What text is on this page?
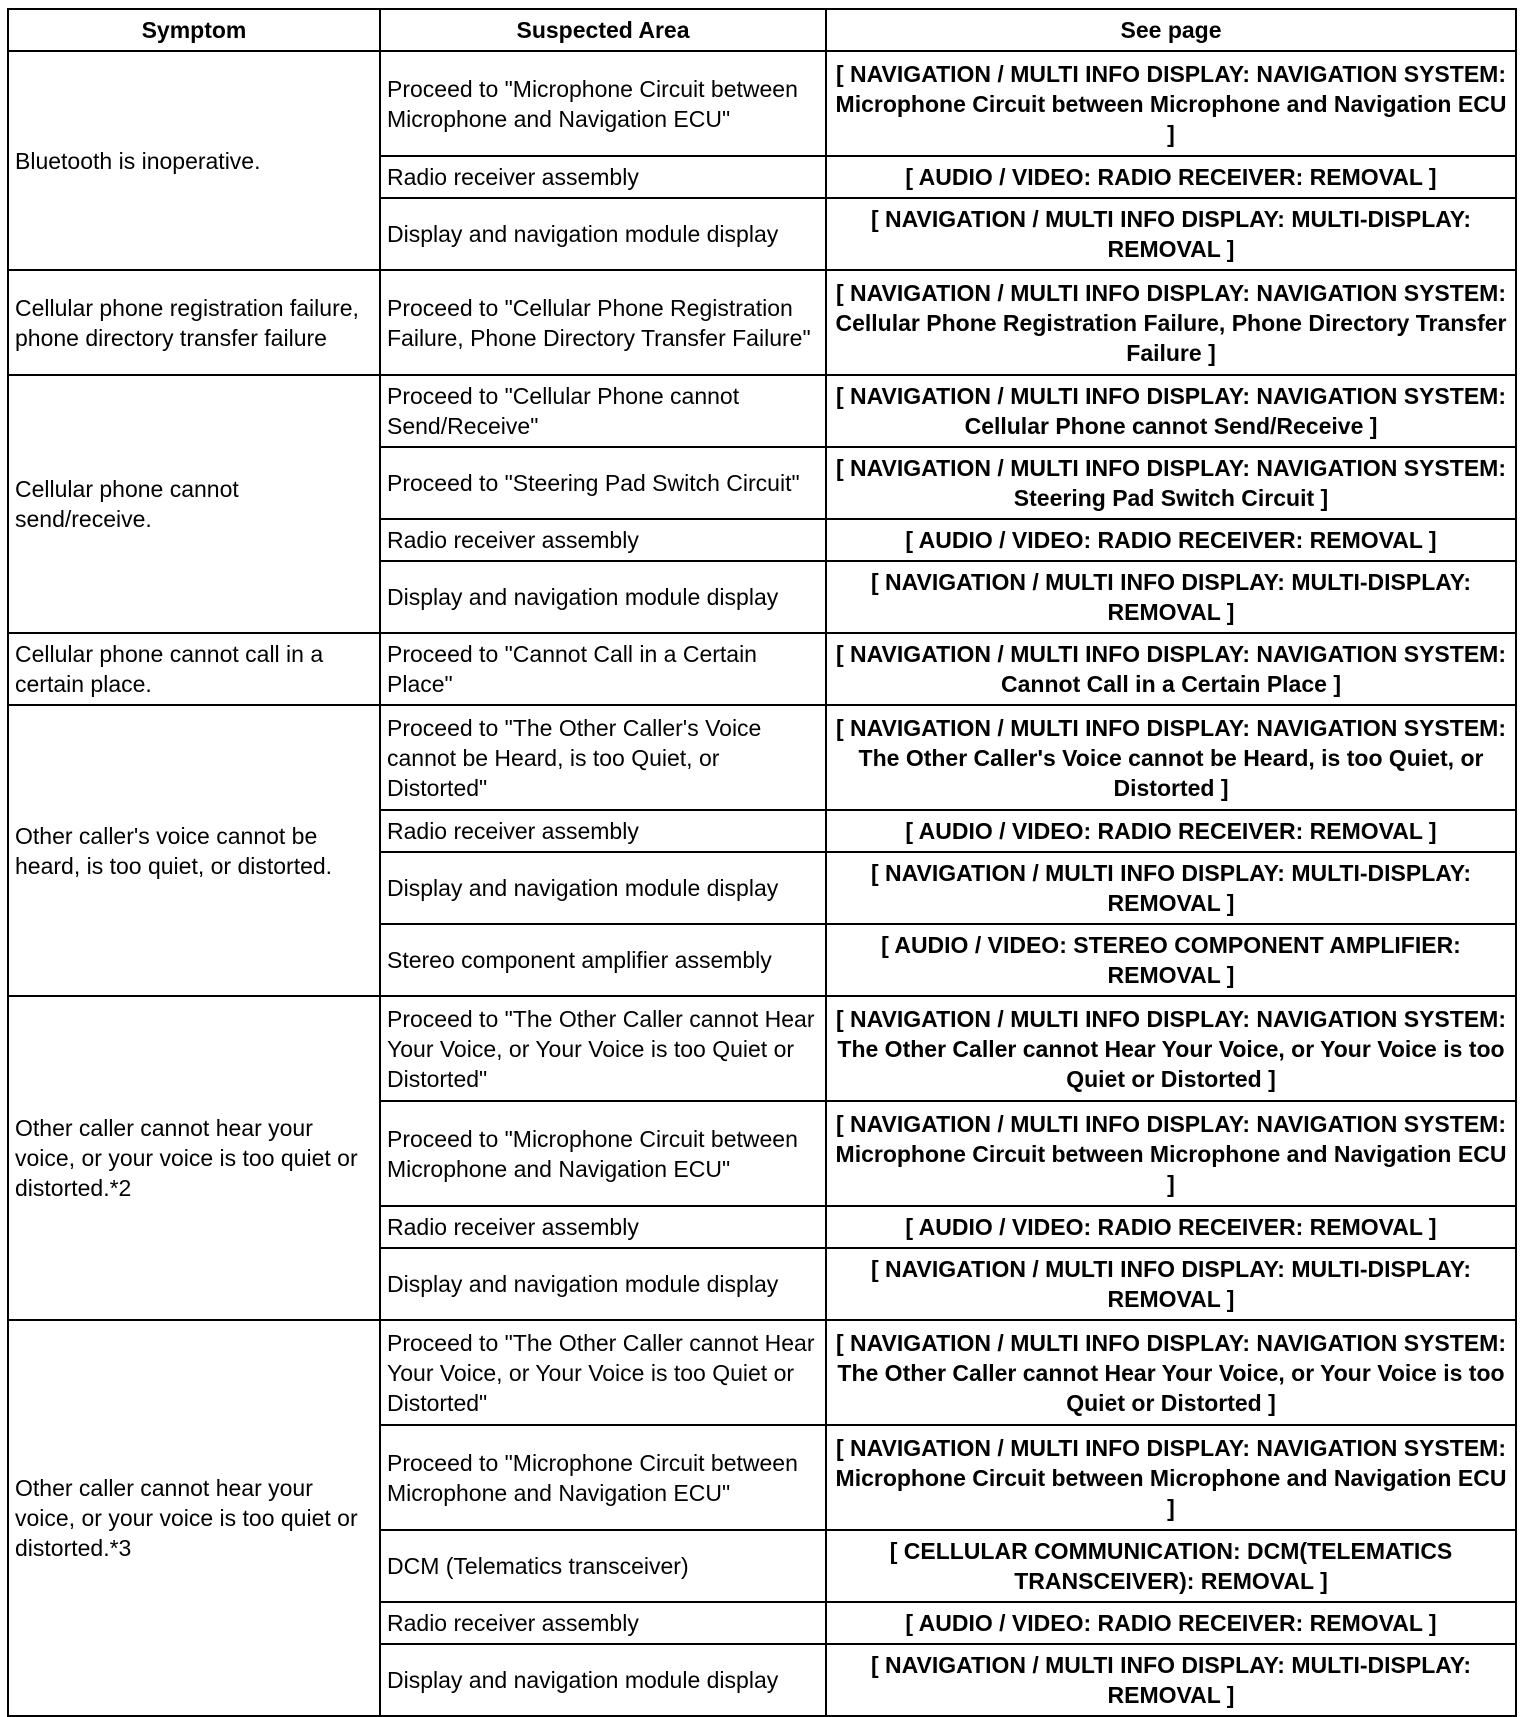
Symptom	Suspected Area	See page
Bluetooth is inoperative.	Proceed to "Microphone Circuit between Microphone and Navigation ECU"	[ NAVIGATION / MULTI INFO DISPLAY: NAVIGATION SYSTEM: Microphone Circuit between Microphone and Navigation ECU ]
	Radio receiver assembly	[ AUDIO / VIDEO: RADIO RECEIVER: REMOVAL ]
	Display and navigation module display	[ NAVIGATION / MULTI INFO DISPLAY: MULTI-DISPLAY: REMOVAL ]
Cellular phone registration failure, phone directory transfer failure	Proceed to "Cellular Phone Registration Failure, Phone Directory Transfer Failure"	[ NAVIGATION / MULTI INFO DISPLAY: NAVIGATION SYSTEM: Cellular Phone Registration Failure, Phone Directory Transfer Failure ]
Cellular phone cannot send/receive.	Proceed to "Cellular Phone cannot Send/Receive"	[ NAVIGATION / MULTI INFO DISPLAY: NAVIGATION SYSTEM: Cellular Phone cannot Send/Receive ]
	Proceed to "Steering Pad Switch Circuit"	[ NAVIGATION / MULTI INFO DISPLAY: NAVIGATION SYSTEM: Steering Pad Switch Circuit ]
	Radio receiver assembly	[ AUDIO / VIDEO: RADIO RECEIVER: REMOVAL ]
	Display and navigation module display	[ NAVIGATION / MULTI INFO DISPLAY: MULTI-DISPLAY: REMOVAL ]
Cellular phone cannot call in a certain place.	Proceed to "Cannot Call in a Certain Place"	[ NAVIGATION / MULTI INFO DISPLAY: NAVIGATION SYSTEM: Cannot Call in a Certain Place ]
Other caller's voice cannot be heard, is too quiet, or distorted.	Proceed to "The Other Caller's Voice cannot be Heard, is too Quiet, or Distorted"	[ NAVIGATION / MULTI INFO DISPLAY: NAVIGATION SYSTEM: The Other Caller's Voice cannot be Heard, is too Quiet, or Distorted ]
	Radio receiver assembly	[ AUDIO / VIDEO: RADIO RECEIVER: REMOVAL ]
	Display and navigation module display	[ NAVIGATION / MULTI INFO DISPLAY: MULTI-DISPLAY: REMOVAL ]
	Stereo component amplifier assembly	[ AUDIO / VIDEO: STEREO COMPONENT AMPLIFIER: REMOVAL ]
Other caller cannot hear your voice, or your voice is too quiet or distorted.*2	Proceed to "The Other Caller cannot Hear Your Voice, or Your Voice is too Quiet or Distorted"	[ NAVIGATION / MULTI INFO DISPLAY: NAVIGATION SYSTEM: The Other Caller cannot Hear Your Voice, or Your Voice is too Quiet or Distorted ]
	Proceed to "Microphone Circuit between Microphone and Navigation ECU"	[ NAVIGATION / MULTI INFO DISPLAY: NAVIGATION SYSTEM: Microphone Circuit between Microphone and Navigation ECU ]
	Radio receiver assembly	[ AUDIO / VIDEO: RADIO RECEIVER: REMOVAL ]
	Display and navigation module display	[ NAVIGATION / MULTI INFO DISPLAY: MULTI-DISPLAY: REMOVAL ]
Other caller cannot hear your voice, or your voice is too quiet or distorted.*3	Proceed to "The Other Caller cannot Hear Your Voice, or Your Voice is too Quiet or Distorted"	[ NAVIGATION / MULTI INFO DISPLAY: NAVIGATION SYSTEM: The Other Caller cannot Hear Your Voice, or Your Voice is too Quiet or Distorted ]
	Proceed to "Microphone Circuit between Microphone and Navigation ECU"	[ NAVIGATION / MULTI INFO DISPLAY: NAVIGATION SYSTEM: Microphone Circuit between Microphone and Navigation ECU ]
	DCM (Telematics transceiver)	[ CELLULAR COMMUNICATION: DCM(TELEMATICS TRANSCEIVER): REMOVAL ]
	Radio receiver assembly	[ AUDIO / VIDEO: RADIO RECEIVER: REMOVAL ]
	Display and navigation module display	[ NAVIGATION / MULTI INFO DISPLAY: MULTI-DISPLAY: REMOVAL ]
